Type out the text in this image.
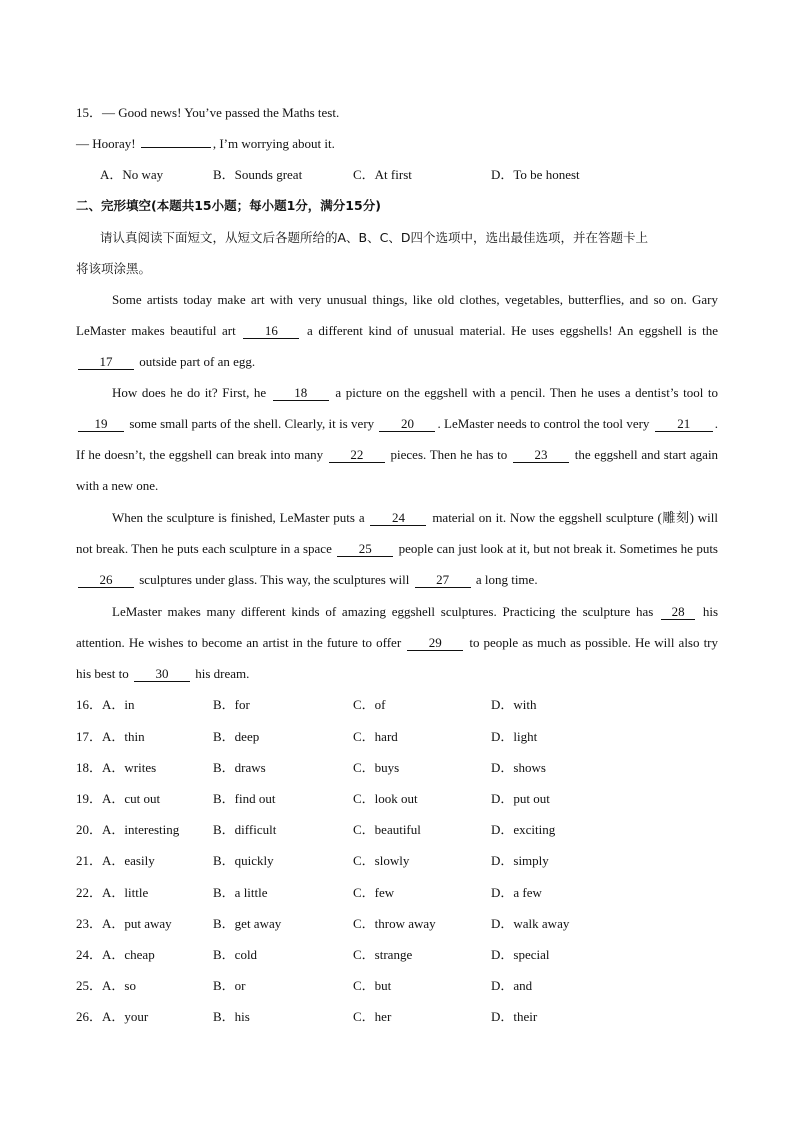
15．— Good news! You’ve passed the Maths test.
— Hooray!	, I’m worrying about it.
A．No way	B．Sounds great	C．At first	D．To be honest
二、完形填空(本题共15小题；每小题1分，满分15分)
请认真阅读下面短文，从短文后各题所给的A、B、C、D四个选项中，选出最佳选项，并在答题卡上
将该项涂黑。
Some artists today make art with very unusual things, like old clothes, vegetables, butterflies, and so on. Gary LeMaster makes beautiful art 16 a different kind of unusual material. He uses eggshells! An eggshell is the 17 outside part of an egg.
How does he do it? First, he 18 a picture on the eggshell with a pencil. Then he uses a dentist’s tool to 19 some small parts of the shell. Clearly, it is very 20 . LeMaster needs to control the tool very 21 . If he doesn’t, the eggshell can break into many 22 pieces. Then he has to 23 the eggshell and start again with a new one.
When the sculpture is finished, LeMaster puts a 24 material on it. Now the eggshell sculpture (雕刻) will not break. Then he puts each sculpture in a space 25 people can just look at it, but not break it. Sometimes he puts 26 sculptures under glass. This way, the sculptures will 27 a long time.
LeMaster makes many different kinds of amazing eggshell sculptures. Practicing the sculpture has 28 his attention. He wishes to become an artist in the future to offer 29 to people as much as possible. He will also try his best to 30 his dream.
16． A．in	B．for	C．of	D．with
17． A．thin	B．deep	C．hard	D．light
18． A．writes	B．draws	C．buys	D．shows
19． A．cut out	B．find out	C．look out	D．put out
20． A．interesting	B．difficult	C．beautiful	D．exciting
21． A．easily	B．quickly	C．slowly	D．simply
22． A．little	B．a little	C．few	D．a few
23． A．put away	B．get away	C．throw away	D．walk away
24． A．cheap	B．cold	C．strange	D．special
25． A．so	B．or	C．but	D．and
26． A．your	B．his	C．her	D．their
